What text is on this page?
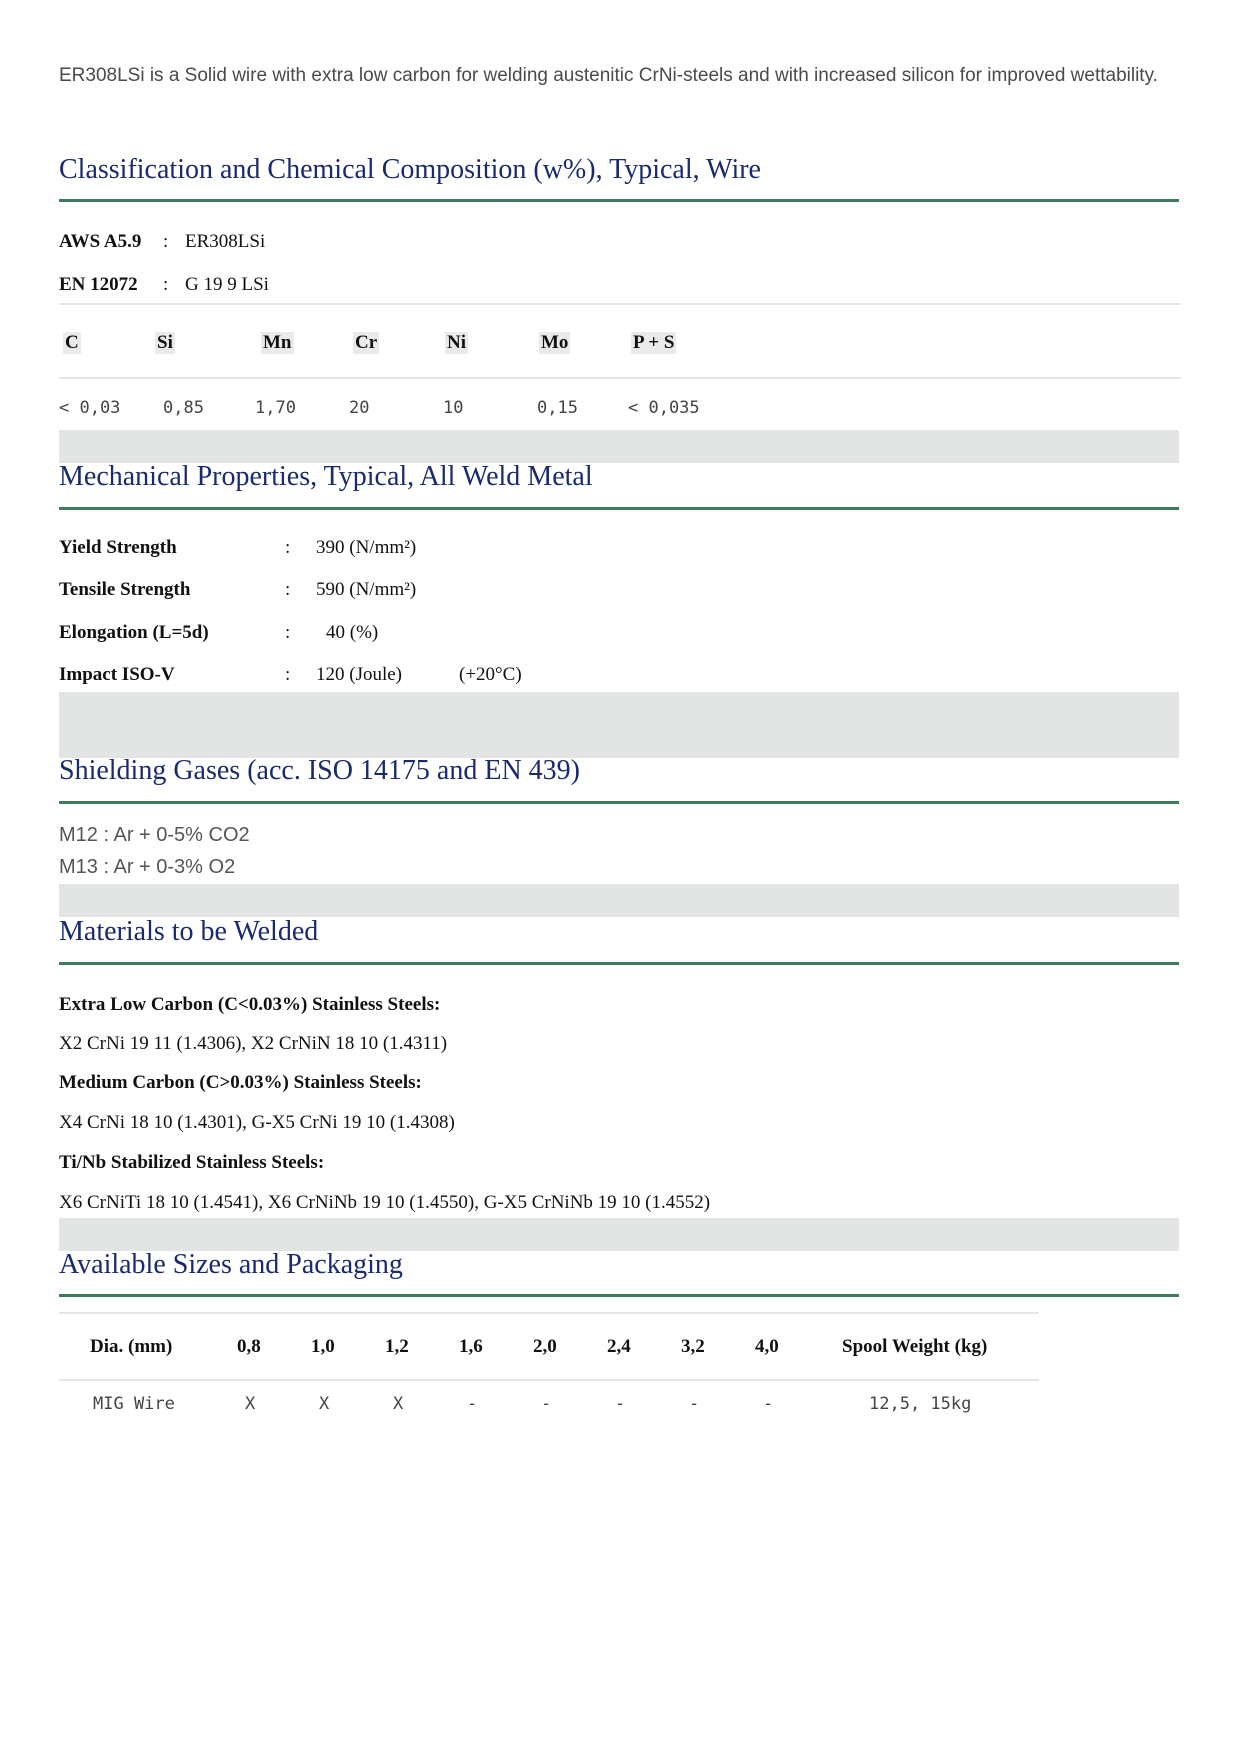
ER308LSi is a Solid wire with extra low carbon for welding austenitic CrNi-steels and with increased silicon for improved wettability.
Classification and Chemical Composition (w%), Typical, Wire
AWS A5.9 : ER308LSi
EN 12072 : G 19 9 LSi
C	Si	Mn	Cr	Ni	Mo	P + S
< 0,03	0,85	1,70	20	10	0,15	< 0,035
Mechanical Properties, Typical, All Weld Metal
Yield Strength	: 390 (N/mm²)
Tensile Strength	: 590 (N/mm²)
Elongation (L=5d)	: 40 (%)
Impact ISO-V	: 120 (Joule)	(+20°C)
Shielding Gases (acc. ISO 14175 and EN 439)
M12 : Ar + 0-5% CO2
M13 : Ar + 0-3% O2
Materials to be Welded
Extra Low Carbon (C<0.03%) Stainless Steels:
X2 CrNi 19 11 (1.4306), X2 CrNiN 18 10 (1.4311)
Medium Carbon (C>0.03%) Stainless Steels:
X4 CrNi 18 10 (1.4301), G-X5 CrNi 19 10 (1.4308)
Ti/Nb Stabilized Stainless Steels:
X6 CrNiTi 18 10 (1.4541), X6 CrNiNb 19 10 (1.4550), G-X5 CrNiNb 19 10 (1.4552)
Available Sizes and Packaging
Dia. (mm)	0,8	1,0	1,2	1,6	2,0	2,4	3,2	4,0	Spool Weight (kg)
MIG Wire	X	X	X	-	-	-	-	-	12,5, 15kg
